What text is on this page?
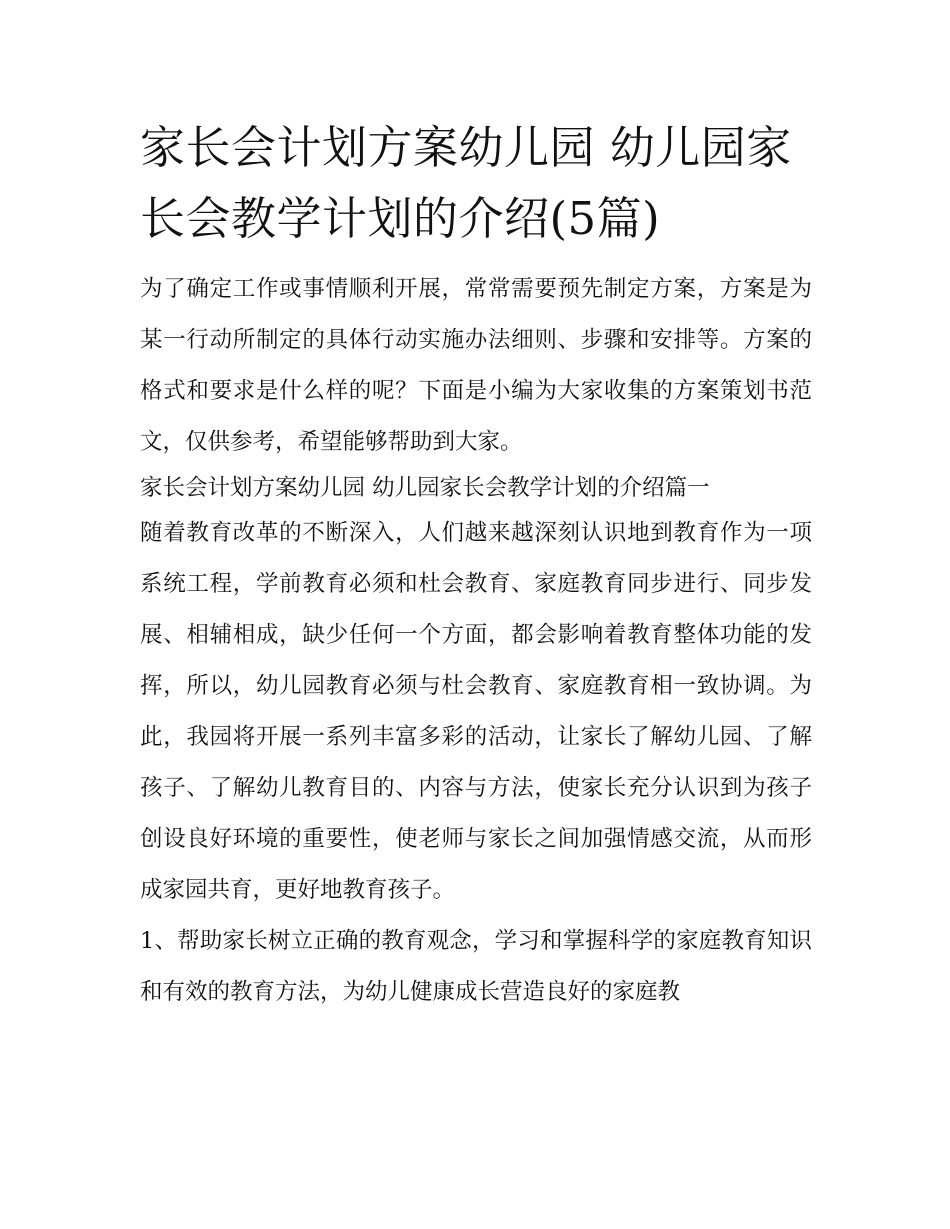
家长会计划方案幼儿园 幼儿园家长会教学计划的介绍(5篇)

为了确定工作或事情顺利开展，常常需要预先制定方案，方案是为某一行动所制定的具体行动实施办法细则、步骤和安排等。方案的格式和要求是什么样的呢？下面是小编为大家收集的方案策划书范文，仅供参考，希望能够帮助到大家。

家长会计划方案幼儿园 幼儿园家长会教学计划的介绍篇一

随着教育改革的不断深入，人们越来越深刻认识地到教育作为一项系统工程，学前教育必须和杜会教育、家庭教育同步进行、同步发展、相辅相成，缺少任何一个方面，都会影响着教育整体功能的发挥，所以，幼儿园教育必须与杜会教育、家庭教育相一致协调。为此，我园将开展一系列丰富多彩的活动，让家长了解幼儿园、了解孩子、了解幼儿教育目的、内容与方法，使家长充分认识到为孩子创设良好环境的重要性，使老师与家长之间加强情感交流，从而形成家园共育，更好地教育孩子。

1、帮助家长树立正确的教育观念，学习和掌握科学的家庭教育知识和有效的教育方法，为幼儿健康成长营造良好的家庭教
